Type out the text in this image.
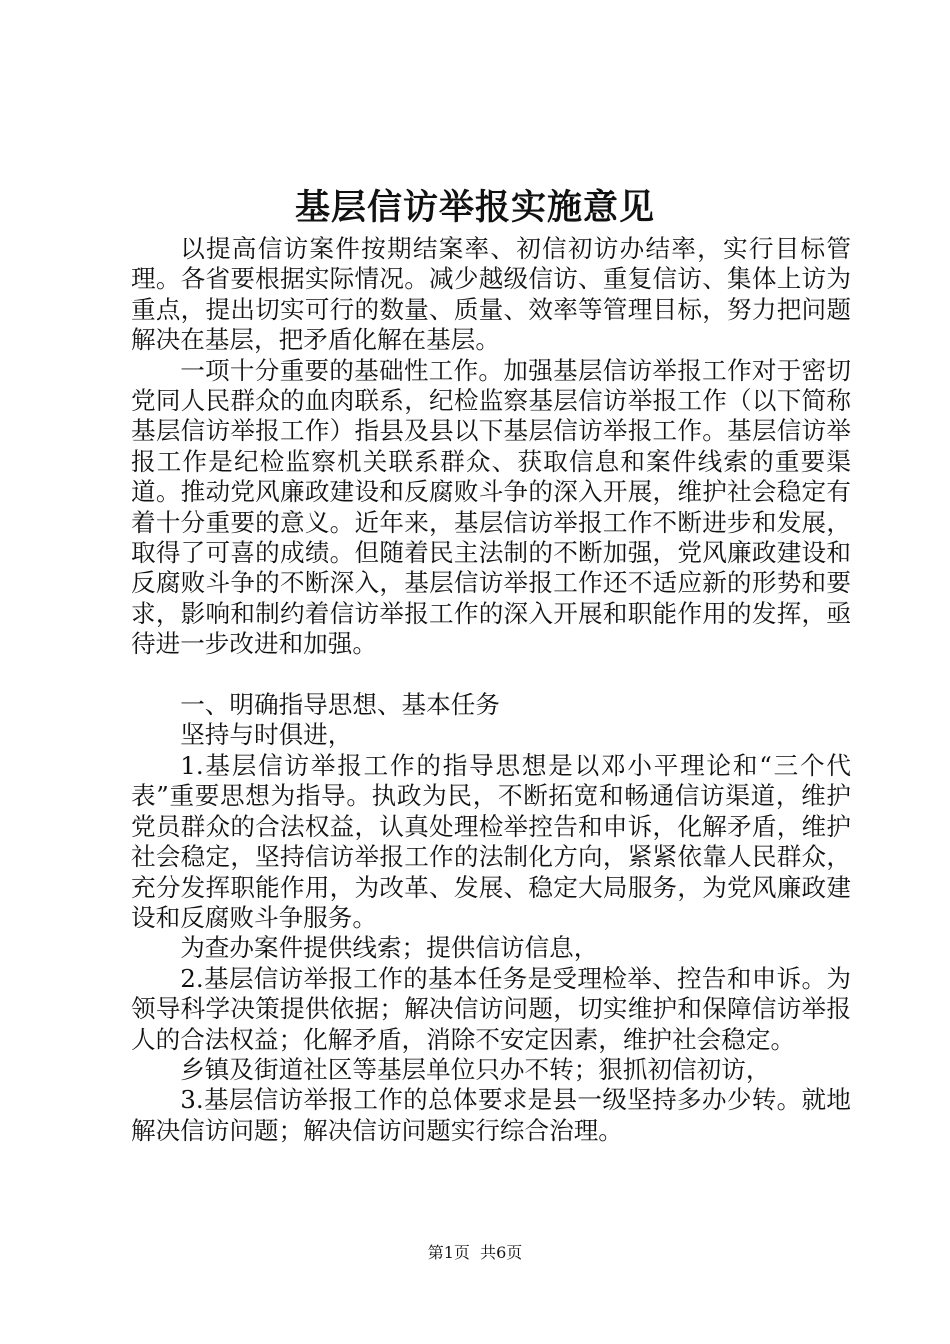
基层信访举报实施意见

以提高信访案件按期结案率、初信初访办结率，实行目标管理。各省要根据实际情况。减少越级信访、重复信访、集体上访为重点，提出切实可行的数量、质量、效率等管理目标，努力把问题解决在基层，把矛盾化解在基层。

一项十分重要的基础性工作。加强基层信访举报工作对于密切党同人民群众的血肉联系，纪检监察基层信访举报工作（以下简称基层信访举报工作）指县及县以下基层信访举报工作。基层信访举报工作是纪检监察机关联系群众、获取信息和案件线索的重要渠道。推动党风廉政建设和反腐败斗争的深入开展，维护社会稳定有着十分重要的意义。近年来，基层信访举报工作不断进步和发展，取得了可喜的成绩。但随着民主法制的不断加强，党风廉政建设和反腐败斗争的不断深入，基层信访举报工作还不适应新的形势和要求，影响和制约着信访举报工作的深入开展和职能作用的发挥，亟待进一步改进和加强。

一、明确指导思想、基本任务

坚持与时俱进，

1.基层信访举报工作的指导思想是以邓小平理论和“三个代表”重要思想为指导。执政为民，不断拓宽和畅通信访渠道，维护党员群众的合法权益，认真处理检举控告和申诉，化解矛盾，维护社会稳定，坚持信访举报工作的法制化方向，紧紧依靠人民群众，充分发挥职能作用，为改革、发展、稳定大局服务，为党风廉政建设和反腐败斗争服务。

为查办案件提供线索；提供信访信息，

2.基层信访举报工作的基本任务是受理检举、控告和申诉。为领导科学决策提供依据；解决信访问题，切实维护和保障信访举报人的合法权益；化解矛盾，消除不安定因素，维护社会稳定。

乡镇及街道社区等基层单位只办不转；狠抓初信初访，

3.基层信访举报工作的总体要求是县一级坚持多办少转。就地解决信访问题；解决信访问题实行综合治理。

第1页  共6页
